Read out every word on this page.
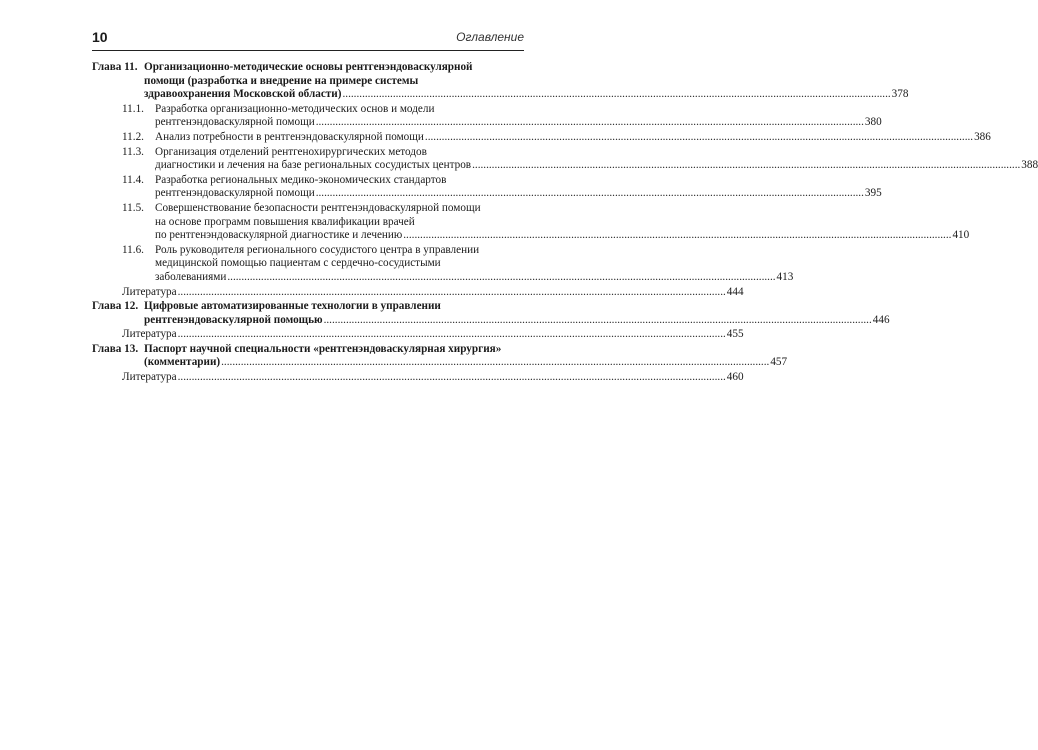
10	Оглавление
Глава 11. Организационно-методические основы рентгенэндоваскулярной
помощи (разработка и внедрение на примере системы
здравоохранения Московской области) .....	378
11.1. Разработка организационно-методических основ и модели
рентгенэндоваскулярной помощи .....	380
11.2. Анализ потребности в рентгенэндоваскулярной помощи .....	386
11.3. Организация отделений рентгенохирургических методов
диагностики и лечения на базе региональных сосудистых центров .....	388
11.4. Разработка региональных медико-экономических стандартов
рентгенэндоваскулярной помощи .....	395
11.5. Совершенствование безопасности рентгенэндоваскулярной помощи
на основе программ повышения квалификации врачей
по рентгенэндоваскулярной диагностике и лечению .....	410
11.6. Роль руководителя регионального сосудистого центра в управлении
медицинской помощью пациентам с сердечно-сосудистыми
заболеваниями .....	413
Литература .....	444
Глава 12. Цифровые автоматизированные технологии в управлении
рентгенэндоваскулярной помощью .....	446
Литература .....	455
Глава 13. Паспорт научной специальности «рентгенэндоваскулярная хирургия»
(комментарии) .....	457
Литература .....	460
